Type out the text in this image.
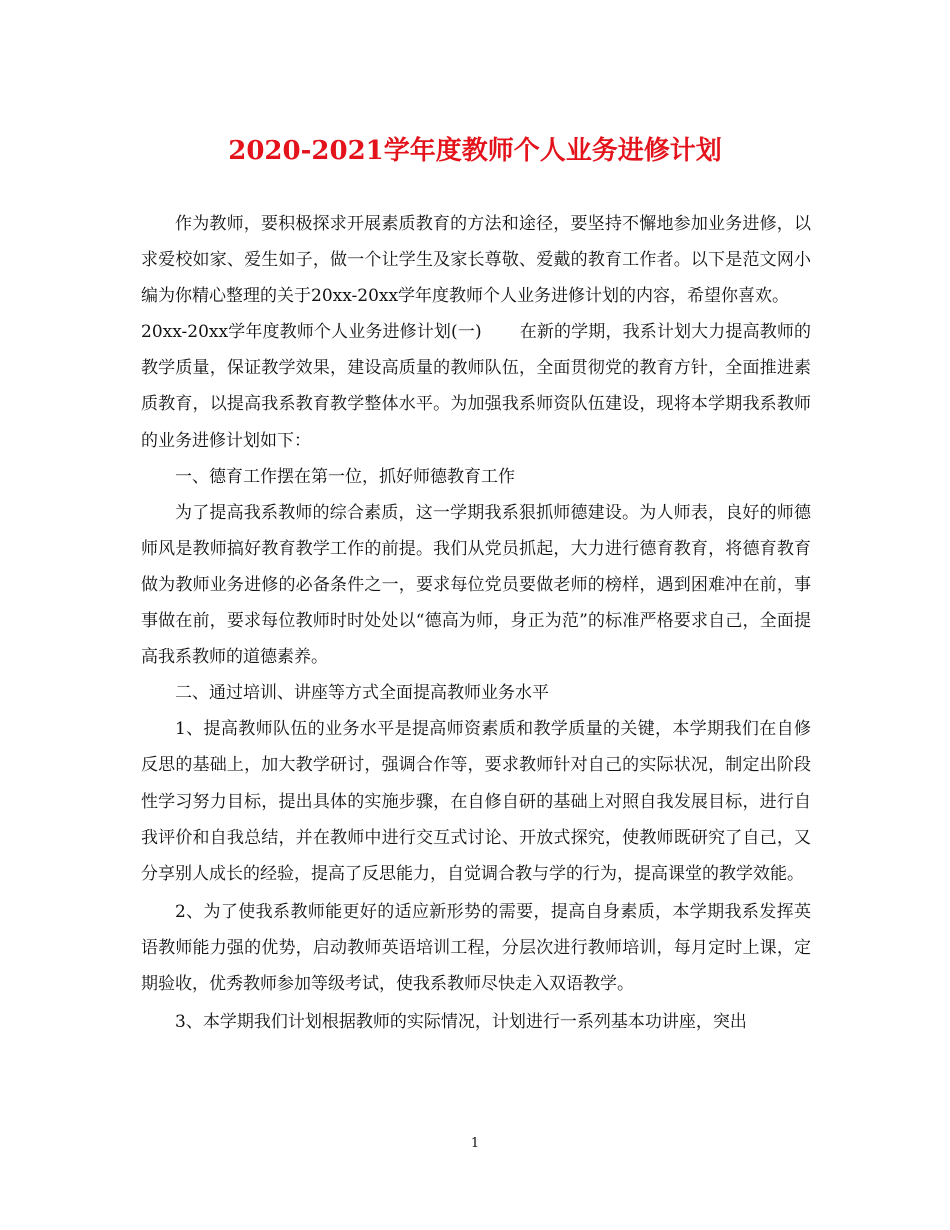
2020-2021学年度教师个人业务进修计划

作为教师，要积极探求开展素质教育的方法和途径，要坚持不懈地参加业务进修，以求爱校如家、爱生如子，做一个让学生及家长尊敬、爱戴的教育工作者。以下是范文网小编为你精心整理的关于20xx-20xx学年度教师个人业务进修计划的内容，希望你喜欢。

20xx-20xx学年度教师个人业务进修计划(一) 在新的学期，我系计划大力提高教师的教学质量，保证教学效果，建设高质量的教师队伍，全面贯彻党的教育方针，全面推进素质教育，以提高我系教育教学整体水平。为加强我系师资队伍建设，现将本学期我系教师的业务进修计划如下：

一、德育工作摆在第一位，抓好师德教育工作

为了提高我系教师的综合素质，这一学期我系狠抓师德建设。为人师表，良好的师德师风是教师搞好教育教学工作的前提。我们从党员抓起，大力进行德育教育，将德育教育做为教师业务进修的必备条件之一，要求每位党员要做老师的榜样，遇到困难冲在前，事事做在前，要求每位教师时时处处以“德高为师，身正为范”的标准严格要求自己，全面提高我系教师的道德素养。

二、通过培训、讲座等方式全面提高教师业务水平

1、提高教师队伍的业务水平是提高师资素质和教学质量的关键，本学期我们在自修反思的基础上，加大教学研讨，强调合作等，要求教师针对自己的实际状况，制定出阶段性学习努力目标，提出具体的实施步骤，在自修自研的基础上对照自我发展目标，进行自我评价和自我总结，并在教师中进行交互式讨论、开放式探究，使教师既研究了自己，又分享别人成长的经验，提高了反思能力，自觉调合教与学的行为，提高课堂的教学效能。

2、为了使我系教师能更好的适应新形势的需要，提高自身素质，本学期我系发挥英语教师能力强的优势，启动教师英语培训工程，分层次进行教师培训，每月定时上课，定期验收，优秀教师参加等级考试，使我系教师尽快走入双语教学。

3、本学期我们计划根据教师的实际情况，计划进行一系列基本功讲座，突出

1
